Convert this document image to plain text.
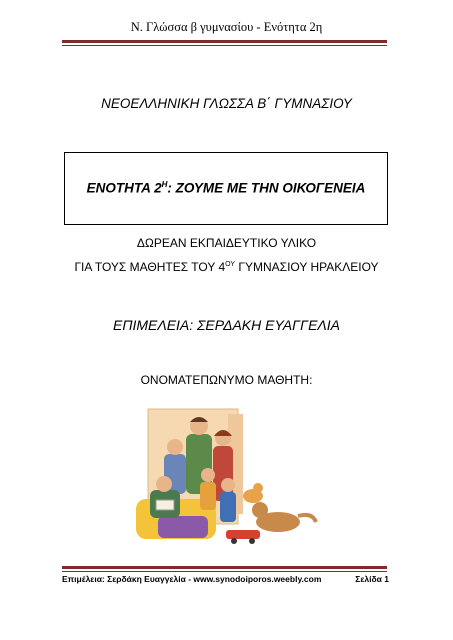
Ν. Γλώσσα β γυμνασίου - Ενότητα 2η
ΝΕΟΕΛΛΗΝΙΚΗ ΓΛΩΣΣΑ Β΄ ΓΥΜΝΑΣΙΟΥ
ΕΝΟΤΗΤΑ $2^H$: ΖΟΥΜΕ ΜΕ ΤΗΝ ΟΙΚΟΓΕΝΕΙΑ
ΔΩΡΕΑΝ ΕΚΠΑΙΔΕΥΤΙΚΟ ΥΛΙΚΟ
ΓΙΑ ΤΟΥΣ ΜΑΘΗΤΕΣ ΤΟΥ $4^{O\Upsilon}$ ΓΥΜΝΑΣΙΟΥ ΗΡΑΚΛΕΙΟΥ
ΕΠΙΜΕΛΕΙΑ: ΣΕΡΔΑΚΗ ΕΥΑΓΓΕΛΙΑ
ΟΝΟΜΑΤΕΠΩΝΥΜΟ ΜΑΘΗΤΗ:
Επιμέλεια: Σερδάκη Ευαγγελία - www.synodoiporos.weebly.com	Σελίδα 1
